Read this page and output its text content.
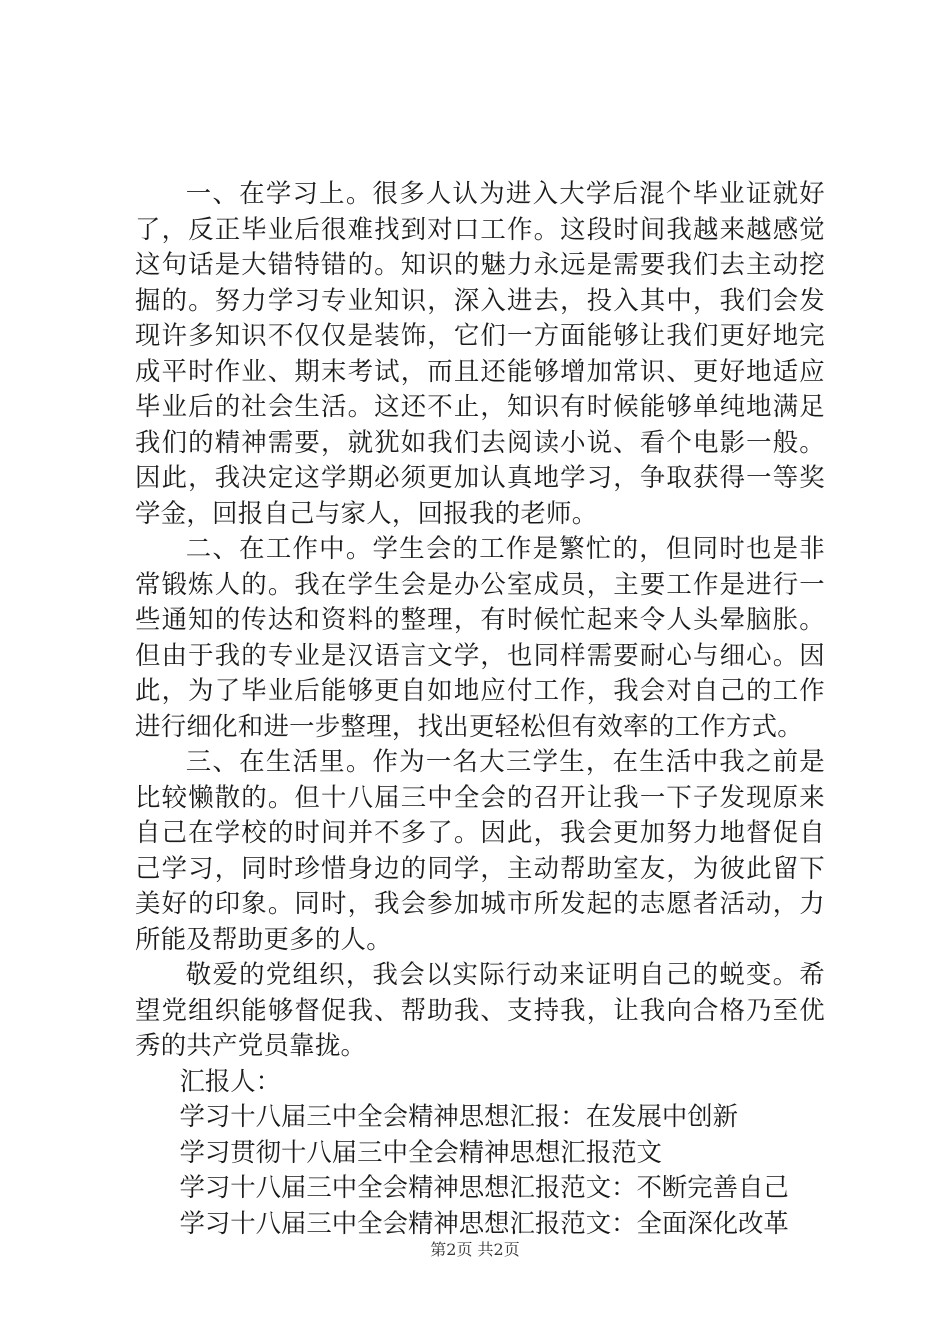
一、在学习上。很多人认为进入大学后混个毕业证就好了，反正毕业后很难找到对口工作。这段时间我越来越感觉这句话是大错特错的。知识的魅力永远是需要我们去主动挖掘的。努力学习专业知识，深入进去，投入其中，我们会发现许多知识不仅仅是装饰，它们一方面能够让我们更好地完成平时作业、期末考试，而且还能够增加常识、更好地适应毕业后的社会生活。这还不止，知识有时候能够单纯地满足我们的精神需要，就犹如我们去阅读小说、看个电影一般。因此，我决定这学期必须更加认真地学习，争取获得一等奖学金，回报自己与家人，回报我的老师。

二、在工作中。学生会的工作是繁忙的，但同时也是非常锻炼人的。我在学生会是办公室成员，主要工作是进行一些通知的传达和资料的整理，有时候忙起来令人头晕脑胀。但由于我的专业是汉语言文学，也同样需要耐心与细心。因此，为了毕业后能够更自如地应付工作，我会对自己的工作进行细化和进一步整理，找出更轻松但有效率的工作方式。

三、在生活里。作为一名大三学生，在生活中我之前是比较懒散的。但十八届三中全会的召开让我一下子发现原来自己在学校的时间并不多了。因此，我会更加努力地督促自己学习，同时珍惜身边的同学，主动帮助室友，为彼此留下美好的印象。同时，我会参加城市所发起的志愿者活动，力所能及帮助更多的人。

敬爱的党组织，我会以实际行动来证明自己的蜕变。希望党组织能够督促我、帮助我、支持我，让我向合格乃至优秀的共产党员靠拢。

汇报人：

学习十八届三中全会精神思想汇报：在发展中创新
学习贯彻十八届三中全会精神思想汇报范文
学习十八届三中全会精神思想汇报范文：不断完善自己
学习十八届三中全会精神思想汇报范文：全面深化改革
第2页 共2页
